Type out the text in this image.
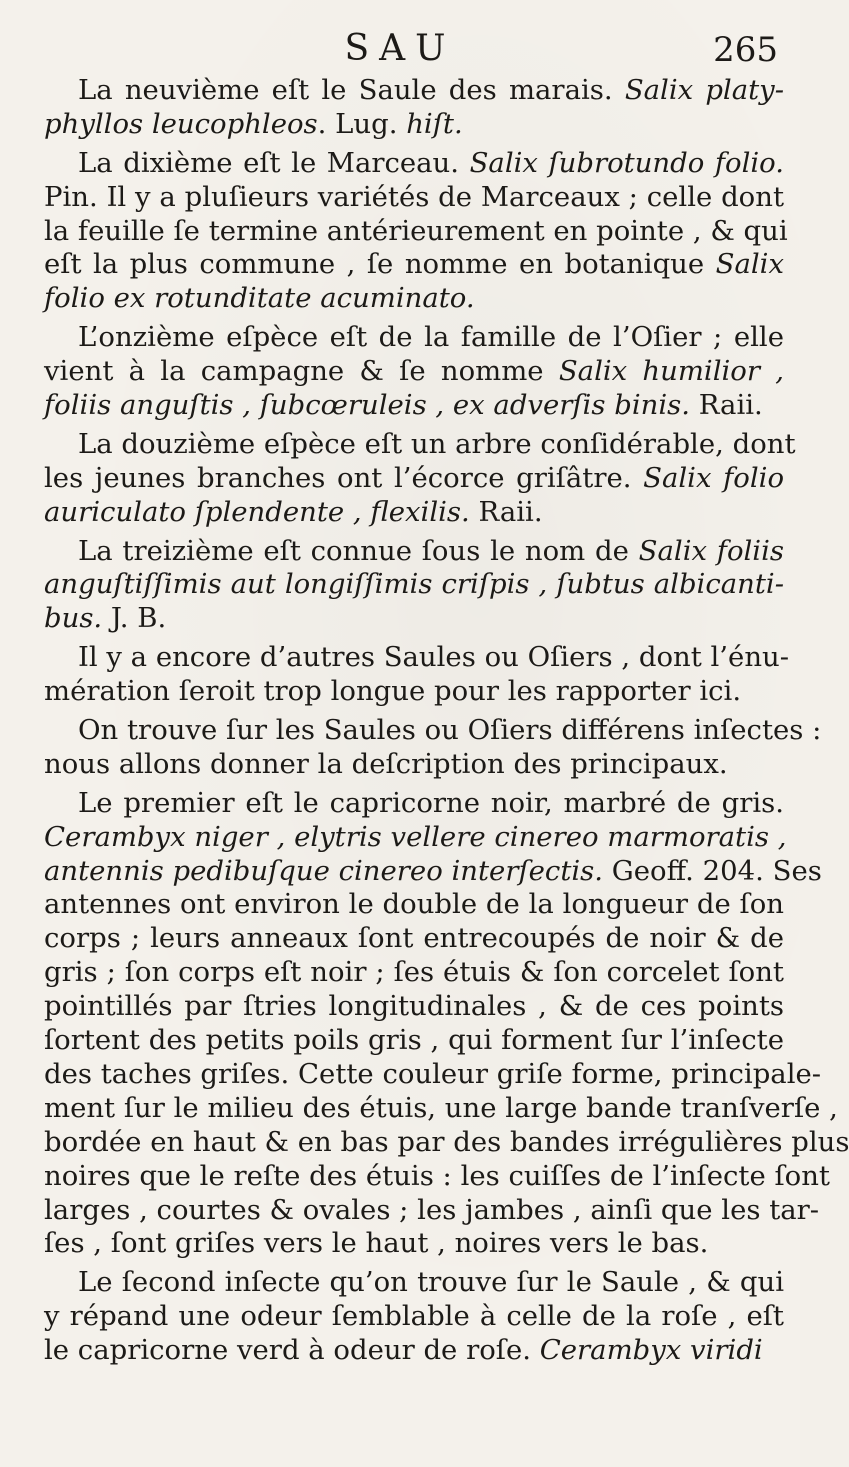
SAU	265
La neuvième eſt le Saule des marais. Salix platy-
phyllos leucophleos. Lug. hiſt.
La dixième eſt le Marceau. Salix ſubrotundo folio.
Pin. Il y a pluſieurs variétés de Marceaux ; celle dont
la feuille ſe termine antérieurement en pointe , & qui
eſt la plus commune , ſe nomme en botanique Salix
folio ex rotunditate acuminato.
L’onzième eſpèce eſt de la famille de l’Oſier ; elle
vient à la campagne & ſe nomme Salix humilior ,
foliis anguſtis , ſubcœruleis , ex adverſis binis. Raii.
La douzième eſpèce eſt un arbre conſidérable, dont
les jeunes branches ont l’écorce griſâtre. Salix folio
auriculato ſplendente , flexilis. Raii.
La treizième eſt connue ſous le nom de Salix foliis
anguſtiſſimis aut longiſſimis criſpis , ſubtus albicanti-
bus. J. B.
Il y a encore d’autres Saules ou Oſiers , dont l’énu-
mération ſeroit trop longue pour les rapporter ici.
On trouve ſur les Saules ou Oſiers différens inſectes :
nous allons donner la deſcription des principaux.
Le premier eſt le capricorne noir, marbré de gris.
Cerambyx niger , elytris vellere cinereo marmoratis ,
antennis pedibuſque cinereo interſectis. Geoff. 204. Ses
antennes ont environ le double de la longueur de ſon
corps ; leurs anneaux ſont entrecoupés de noir & de
gris ; ſon corps eſt noir ; ſes étuis & ſon corcelet ſont
pointillés par ſtries longitudinales , & de ces points
ſortent des petits poils gris , qui forment ſur l’inſecte
des taches griſes. Cette couleur griſe forme, principale-
ment ſur le milieu des étuis, une large bande tranſverſe ,
bordée en haut & en bas par des bandes irrégulières plus
noires que le reſte des étuis : les cuiſſes de l’inſecte ſont
larges , courtes & ovales ; les jambes , ainſi que les tar-
ſes , ſont griſes vers le haut , noires vers le bas.
Le ſecond inſecte qu’on trouve ſur le Saule , & qui
y répand une odeur ſemblable à celle de la roſe , eſt
le capricorne verd à odeur de roſe. Cerambyx viridi
